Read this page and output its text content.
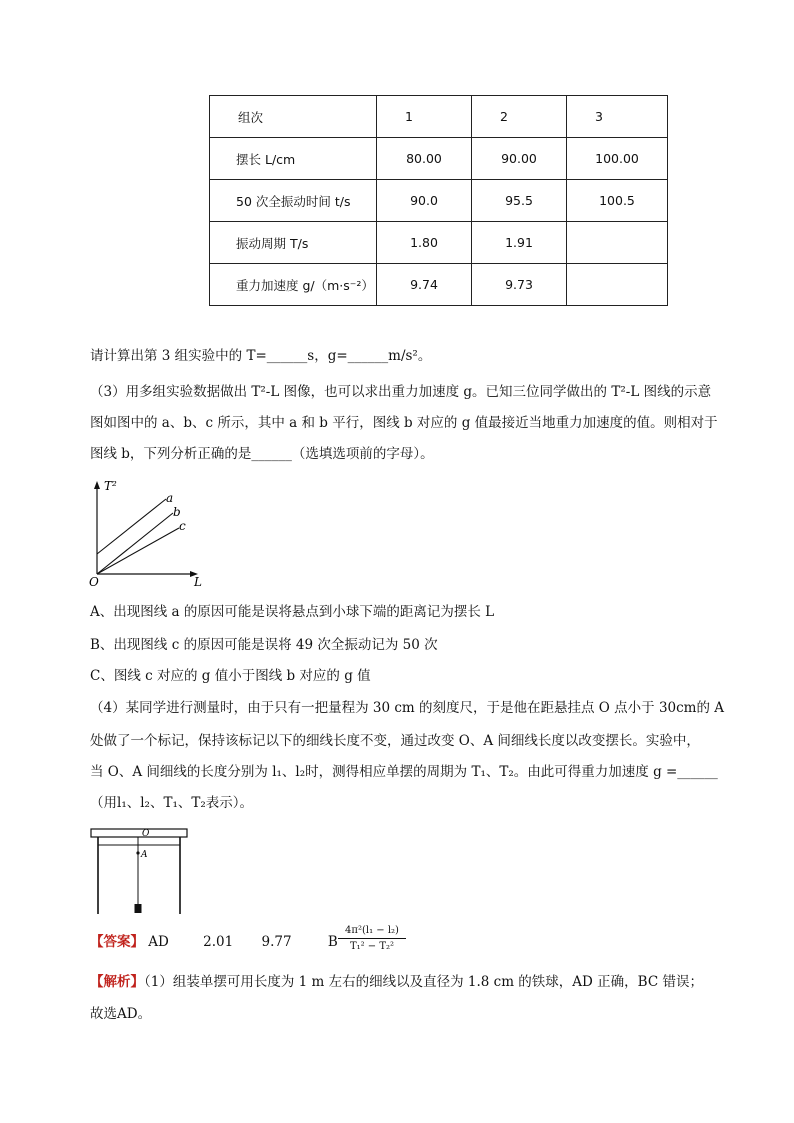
组次	1	2	3
摆长 L/cm	80.00	90.00	100.00
50 次全振动时间 t/s	90.0	95.5	100.5
振动周期 T/s	1.80	1.91	
重力加速度 g/（m·s⁻²）	9.74	9.73	
请计算出第 3 组实验中的 T=______s，g=______m/s²。
（3）用多组实验数据做出 T²-L 图像，也可以求出重力加速度 g。已知三位同学做出的 T²-L 图线的示意
图如图中的 a、b、c 所示，其中 a 和 b 平行，图线 b 对应的 g 值最接近当地重力加速度的值。则相对于
图线 b，下列分析正确的是______（选填选项前的字母）。
T²
L
O
a
b
c
A、出现图线 a 的原因可能是误将悬点到小球下端的距离记为摆长 L
B、出现图线 c 的原因可能是误将 49 次全振动记为 50 次
C、图线 c 对应的 g 值小于图线 b 对应的 g 值
（4）某同学进行测量时，由于只有一把量程为 30 cm 的刻度尺，于是他在距悬挂点 O 点小于 30cm的 A
处做了一个标记，保持该标记以下的细线长度不变，通过改变 O、A 间细线长度以改变摆长。实验中，
当 O、A 间细线的长度分别为 l₁、l₂时，测得相应单摆的周期为 T₁、T₂。由此可得重力加速度 g =______
（用l₁、l₂、T₁、T₂表示）。
O
A
【答案】 AD	2.01 9.77	B $\frac{\text{4π²(l₁ − l₂)}}{\text{T₁² − T₂²}}$
【解析】（1）组装单摆可用长度为 1 m 左右的细线以及直径为 1.8 cm 的铁球，AD 正确，BC 错误；
故选AD。
